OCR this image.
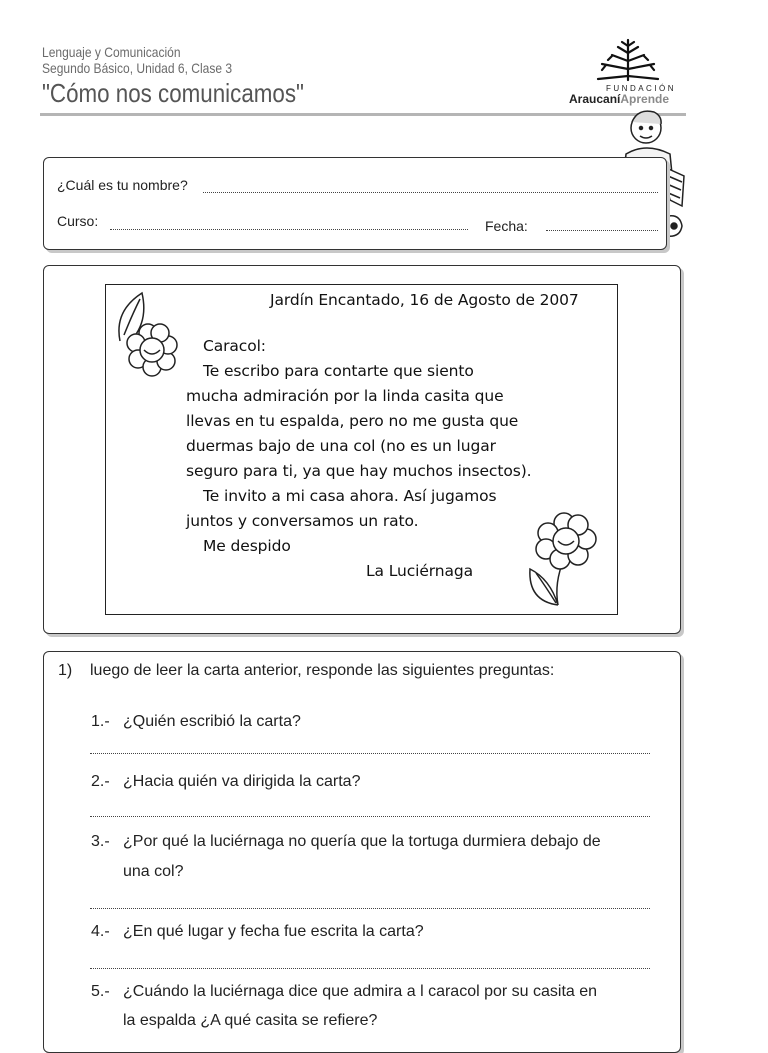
Lenguaje y Comunicación
Segundo Básico, Unidad 6, Clase 3
"Cómo nos comunicamos"	FUNDACIÓN
AraucaníAprende
¿Cuál es tu nombre?
Curso:	Fecha:
Jardín Encantado, 16 de Agosto de 2007
Caracol:
Te escribo para contarte que siento
mucha admiración por la linda casita que
llevas en tu espalda, pero no me gusta que
duermas bajo de una col (no es un lugar
seguro para ti, ya que hay muchos insectos).
Te invito a mi casa ahora. Así jugamos
juntos y conversamos un rato.
Me despido
La Luciérnaga
1) luego de leer la carta anterior, responde las siguientes preguntas:
1.- ¿Quién escribió la carta?
2.- ¿Hacia quién va dirigida la carta?
3.- ¿Por qué la luciérnaga no quería que la tortuga durmiera debajo de
una col?
4.- ¿En qué lugar y fecha fue escrita la carta?
5.- ¿Cuándo la luciérnaga dice que admira a l caracol por su casita en
la espalda ¿A qué casita se refiere?
